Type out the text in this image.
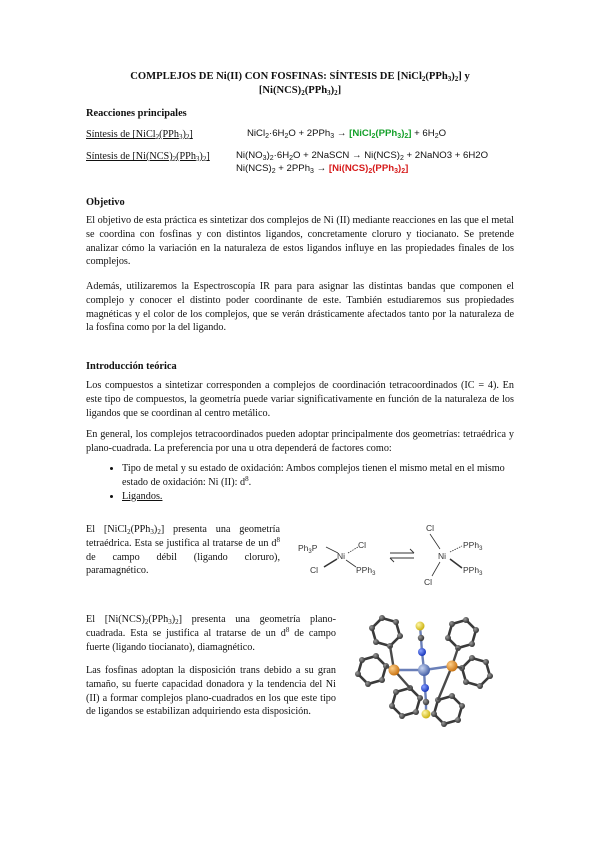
COMPLEJOS DE Ni(II) CON FOSFINAS: SÍNTESIS DE $[NiCl_2(PPh_3)_2]$ y
$[Ni(NCS)_2(PPh_3)_2]$
Reacciones principales
Síntesis de $[NiCl_2(PPh_3)_2]$	$NiCl_2\cdot 6H_2O + 2PPh_3$ → $[NiCl_2(PPh_3)_2] + 6H_2O$
Síntesis de $[Ni(NCS)_2(PPh_3)_2]$	$Ni(NO_3)_2\cdot 6H_2O$ + 2NaSCN → $Ni(NCS)_2$ + 2NaNO3 + 6H2O
$Ni(NCS)_2 + 2PPh_3 \to [Ni(NCS)_2(PPh_3)_2]$
Objetivo
El objetivo de esta práctica es sintetizar dos complejos de Ni (II) mediante reacciones en las que el metal se coordina con fosfinas y con distintos ligandos, concretamente cloruro y tiocianato. Se pretende analizar cómo la variación en la naturaleza de estos ligandos influye en las propiedades finales de los complejos.
Además, utilizaremos la Espectroscopía IR para para asignar las distintas bandas que componen el complejo y conocer el distinto poder coordinante de este. También estudiaremos sus propiedades magnéticas y el color de los complejos, que se verán drásticamente afectados tanto por la naturaleza de la fosfina como por la del ligando.
Introducción teórica
Los compuestos a sintetizar corresponden a complejos de coordinación tetracoordinados (IC = 4). En este tipo de compuestos, la geometría puede variar significativamente en función de la naturaleza de los ligandos que se coordinan al centro metálico.
En general, los complejos tetracoordinados pueden adoptar principalmente dos geometrías: tetraédrica y plano-cuadrada. La preferencia por una u otra dependerá de factores como:
• Tipo de metal y su estado de oxidación: Ambos complejos tienen el mismo metal en el mismo estado de oxidación: Ni (II): $d^8$.
• Ligandos.
El $[NiCl_2(PPh_3)_2]$ presenta una geometría tetraédrica. Esta se justifica al tratarse de un $d^8$ de campo débil (ligando cloruro), paramagnético.
$Ph_3P$
Ni
Cl
Cl	PPh$_3$
Cl
Ni
PPh$_3$
PPh$_3$
Cl
El $[Ni(NCS)_2(PPh_3)_2]$ presenta una geometría plano-cuadrada. Esta se justifica al tratarse de un $d^8$ de campo fuerte (ligando tiocianato), diamagnético.
Las fosfinas adoptan la disposición trans debido a su gran tamaño, su fuerte capacidad donadora y la tendencia del Ni (II) a formar complejos plano-cuadrados en los que este tipo de ligandos se estabilizan adquiriendo esta disposición.
